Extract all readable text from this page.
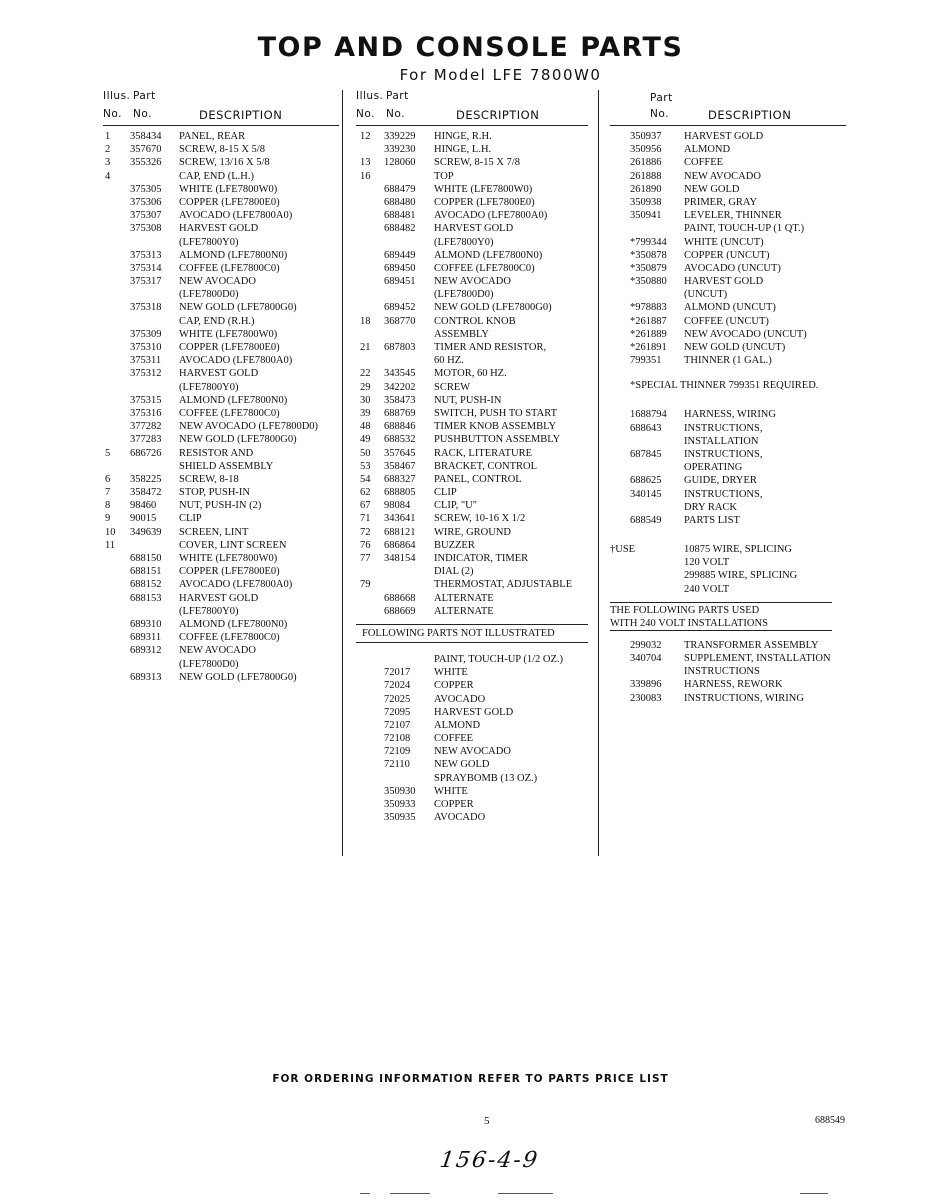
TOP AND CONSOLE PARTS
For Model LFE 7800W0
Illus. Part
No. No.	DESCRIPTION
1 358434 PANEL, REAR
2 357670 SCREW, 8-15 X 5/8
3 355326 SCREW, 13/16 X 5/8
4	CAP, END (L.H.)
375305 WHITE (LFE7800W0)
375306 COPPER (LFE7800E0)
375307 AVOCADO (LFE7800A0)
375308 HARVEST GOLD
(LFE7800Y0)
375313 ALMOND (LFE7800N0)
375314 COFFEE (LFE7800C0)
375317 NEW AVOCADO
(LFE7800D0)
375318 NEW GOLD (LFE7800G0)
CAP, END (R.H.)
375309 WHITE (LFE7800W0)
375310 COPPER (LFE7800E0)
375311 AVOCADO (LFE7800A0)
375312 HARVEST GOLD
(LFE7800Y0)
375315 ALMOND (LFE7800N0)
375316 COFFEE (LFE7800C0)
377282 NEW AVOCADO (LFE7800D0)
377283 NEW GOLD (LFE7800G0)
5 686726 RESISTOR AND
SHIELD ASSEMBLY
6 358225 SCREW, 8-18
7 358472 STOP, PUSH-IN
8 98460 NUT, PUSH-IN (2)
9 90015 CLIP
10 349639 SCREEN, LINT
11	COVER, LINT SCREEN
688150 WHITE (LFE7800W0)
688151 COPPER (LFE7800E0)
688152 AVOCADO (LFE7800A0)
688153 HARVEST GOLD
(LFE7800Y0)
689310 ALMOND (LFE7800N0)
689311 COFFEE (LFE7800C0)
689312 NEW AVOCADO
(LFE7800D0)
689313 NEW GOLD (LFE7800G0)
Illus. Part
No. No.	DESCRIPTION
12 339229 HINGE, R.H.
339230 HINGE, L.H.
13 128060 SCREW, 8-15 X 7/8
16	TOP
688479 WHITE (LFE7800W0)
688480 COPPER (LFE7800E0)
688481 AVOCADO (LFE7800A0)
688482 HARVEST GOLD
(LFE7800Y0)
689449 ALMOND (LFE7800N0)
689450 COFFEE (LFE7800C0)
689451 NEW AVOCADO
(LFE7800D0)
689452 NEW GOLD (LFE7800G0)
18 368770 CONTROL KNOB
ASSEMBLY
21 687803 TIMER AND RESISTOR,
60 HZ.
22 343545 MOTOR, 60 HZ.
29 342202 SCREW
30 358473 NUT, PUSH-IN
39 688769 SWITCH, PUSH TO START
48 688846 TIMER KNOB ASSEMBLY
49 688532 PUSHBUTTON ASSEMBLY
50 357645 RACK, LITERATURE
53 358467 BRACKET, CONTROL
54 688327 PANEL, CONTROL
62 688805 CLIP
67 98084 CLIP, "U"
71 343641 SCREW, 10-16 X 1/2
72 688121 WIRE, GROUND
76 686864 BUZZER
77 348154 INDICATOR, TIMER
DIAL (2)
79	THERMOSTAT, ADJUSTABLE
688668 ALTERNATE
688669 ALTERNATE
FOLLOWING PARTS NOT ILLUSTRATED
PAINT, TOUCH-UP (1/2 OZ.)
72017 WHITE
72024 COPPER
72025 AVOCADO
72095 HARVEST GOLD
72107 ALMOND
72108 COFFEE
72109 NEW AVOCADO
72110 NEW GOLD
SPRAYBOMB (13 OZ.)
350930 WHITE
350933 COPPER
350935 AVOCADO
Part
No.	DESCRIPTION
350937 HARVEST GOLD
350956 ALMOND
261886 COFFEE
261888 NEW AVOCADO
261890 NEW GOLD
350938 PRIMER, GRAY
350941 LEVELER, THINNER
PAINT, TOUCH-UP (1 QT.)
*799344 WHITE (UNCUT)
*350878 COPPER (UNCUT)
*350879 AVOCADO (UNCUT)
*350880 HARVEST GOLD
(UNCUT)
*978883 ALMOND (UNCUT)
*261887 COFFEE (UNCUT)
*261889 NEW AVOCADO (UNCUT)
*261891 NEW GOLD (UNCUT)
799351 THINNER (1 GAL.)
*SPECIAL THINNER 799351 REQUIRED.
1688794 HARNESS, WIRING
688643 INSTRUCTIONS,
INSTALLATION
687845 INSTRUCTIONS,
OPERATING
688625 GUIDE, DRYER
340145 INSTRUCTIONS,
DRY RACK
688549 PARTS LIST
†USE	10875 WIRE, SPLICING
120 VOLT
299885 WIRE, SPLICING
240 VOLT
THE FOLLOWING PARTS USED
WITH 240 VOLT INSTALLATIONS
299032 TRANSFORMER ASSEMBLY
340704 SUPPLEMENT, INSTALLATION
INSTRUCTIONS
339896 HARNESS, REWORK
230083 INSTRUCTIONS, WIRING
FOR ORDERING INFORMATION REFER TO PARTS PRICE LIST
5	688549
156-4-9
